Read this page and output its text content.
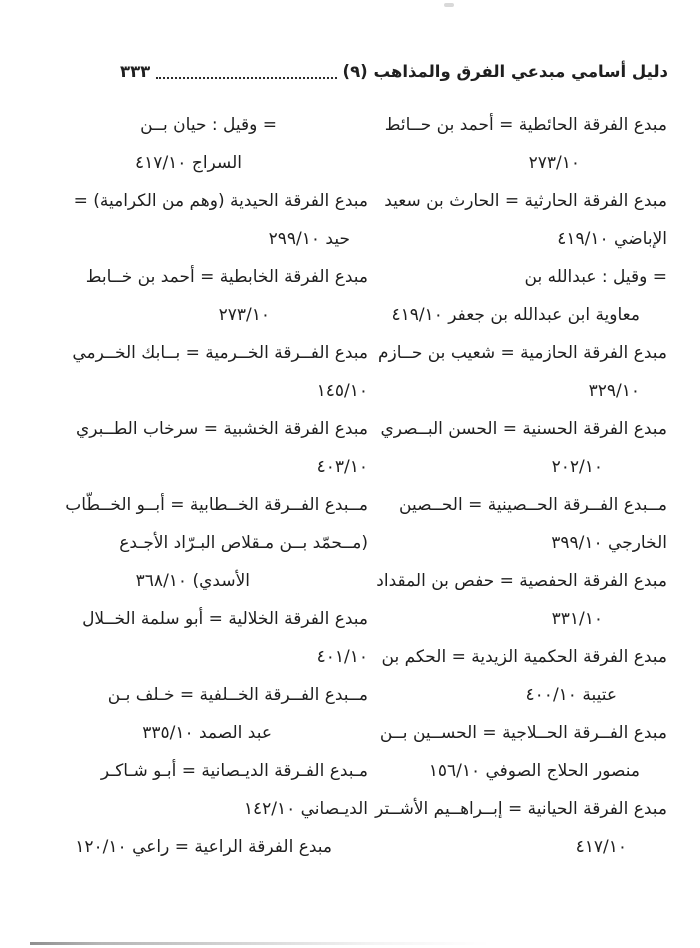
دليل أسامي مبدعي الفرق والمذاهب (٩)
٣٣٣
مبدع الفرقة الحائطية = أحمد بن حــائط
٢٧٣/١٠
مبدع الفرقة الحارثية = الحارث بن سعيد
الإباضي ٤١٩/١٠
= وقيل : عبدالله بن
معاوية ابن عبدالله بن جعفر ٤١٩/١٠
مبدع الفرقة الحازمية = شعيب بن حــازم
٣٢٩/١٠
مبدع الفرقة الحسنية = الحسن البــصري
٢٠٢/١٠
مــبدع الفــرقة الحــصينية = الحــصين
الخارجي ٣٩٩/١٠
مبدع الفرقة الحفصية = حفص بن المقداد
٣٣١/١٠
مبدع الفرقة الحكمية الزيدية = الحكم بن
عتيبة ٤٠٠/١٠
مبدع الفــرقة الحــلاجية = الحســين بــن
منصور الحلاج الصوفي ١٥٦/١٠
مبدع الفرقة الحيانية = إبــراهــيم الأشــتر
٤١٧/١٠
= وقيل : حيان بــن
السراج ٤١٧/١٠
مبدع الفرقة الحيدية (وهم من الكرامية) =
حيد ٢٩٩/١٠
مبدع الفرقة الخابطية = أحمد بن خــابط
٢٧٣/١٠
مبدع الفــرقة الخــرمية = بــابك الخــرمي
١٤٥/١٠
مبدع الفرقة الخشبية = سرخاب الطــبري
٤٠٣/١٠
مــبدع الفــرقة الخــطابية = أبــو الخــطّاب
(مــحمّد بــن مـقلاص البـرّاد الأجـدع
الأسدي) ٣٦٨/١٠
مبدع الفرقة الخلالية = أبو سلمة الخــلال
٤٠١/١٠
مــبدع الفــرقة الخــلفية = خـلف بـن
عبد الصمد ٣٣٥/١٠
مـبدع الفـرقة الديـصانية = أبـو شـاكـر
الديـصاني ١٤٢/١٠
مبدع الفرقة الراعية = راعي ١٢٠/١٠
